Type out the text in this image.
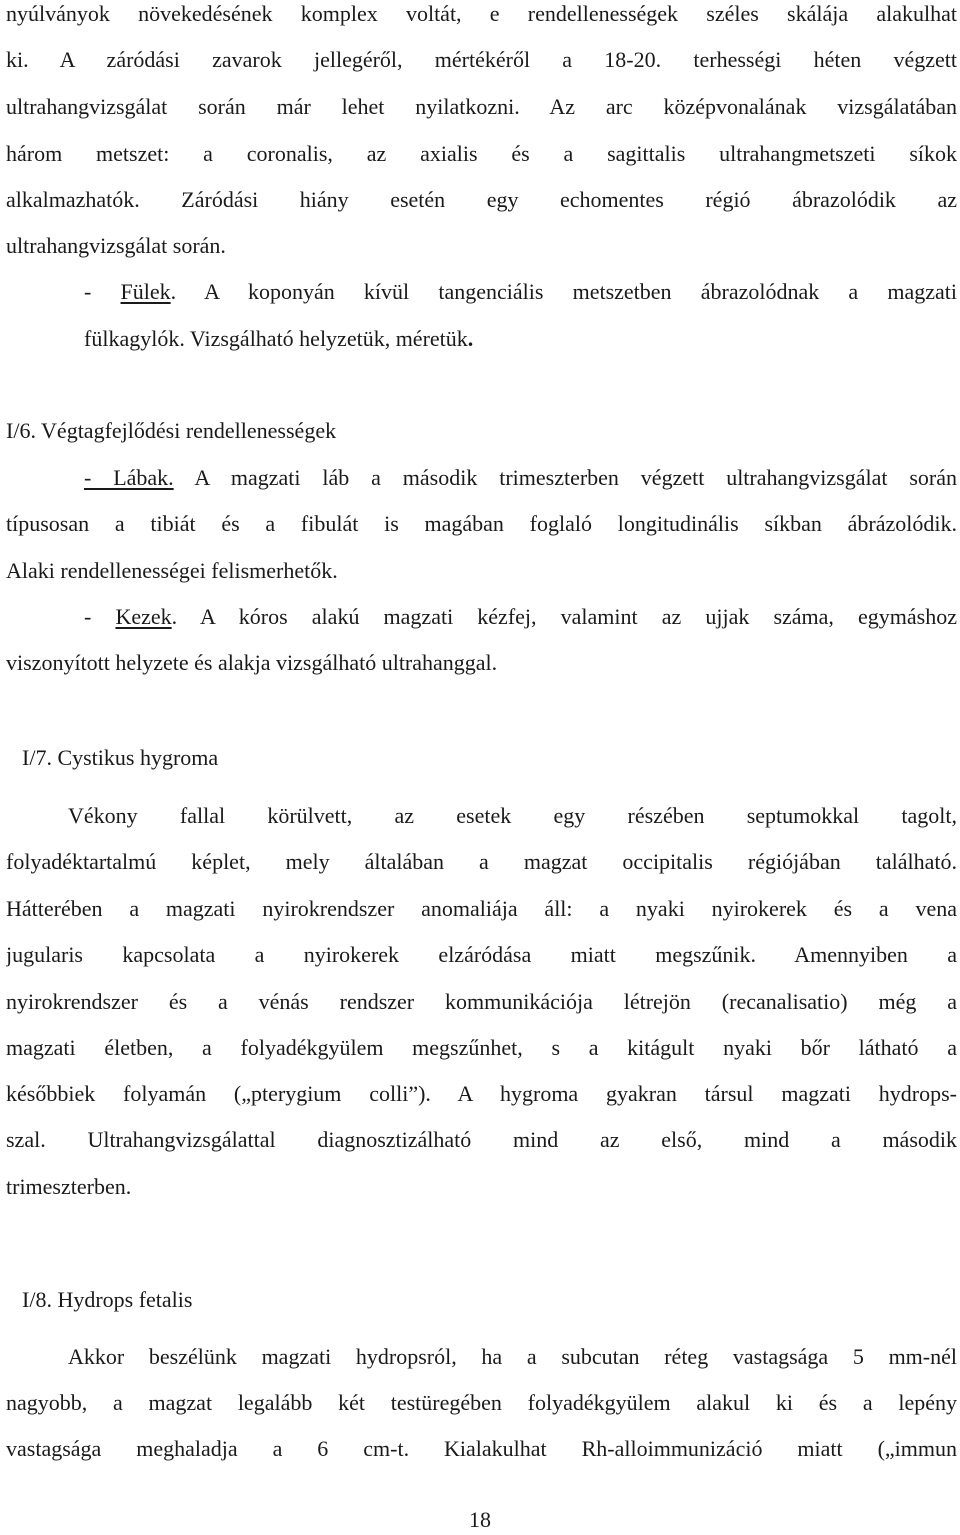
nyúlványok növekedésének komplex voltát, e rendellenességek széles skálája alakulhat
ki. A záródási zavarok jellegéről, mértékéről a 18-20. terhességi héten végzett
ultrahangvizsgálat során már lehet nyilatkozni. Az arc középvonalának vizsgálatában
három metszet: a coronalis, az axialis és a sagittalis ultrahangmetszeti síkok
alkalmazhatók. Záródási hiány esetén egy echomentes régió ábrazolódik az
ultrahangvizsgálat során.
- Fülek. A koponyán kívül tangenciális metszetben ábrazolódnak a magzati
fülkagylók. Vizsgálható helyzetük, méretük.
I/6. Végtagfejlődési rendellenességek
- Lábak. A magzati láb a második trimeszterben végzett ultrahangvizsgálat során
típusosan a tibiát és a fibulát is magában foglaló longitudinális síkban ábrázolódik.
Alaki rendellenességei felismerhetők.
- Kezek. A kóros alakú magzati kézfej, valamint az ujjak száma, egymáshoz
viszonyított helyzete és alakja vizsgálható ultrahanggal.
I/7. Cystikus hygroma
Vékony fallal körülvett, az esetek egy részében septumokkal tagolt,
folyadéktartalmú képlet, mely általában a magzat occipitalis régiójában található.
Hátterében a magzati nyirokrendszer anomaliája áll: a nyaki nyirokerek és a vena
jugularis kapcsolata a nyirokerek elzáródása miatt megszűnik. Amennyiben a
nyirokrendszer és a vénás rendszer kommunikációja létrejön (recanalisatio) még a
magzati életben, a folyadékgyülem megszűnhet, s a kitágult nyaki bőr látható a
későbbiek folyamán („pterygium colli”). A hygroma gyakran társul magzati hydrops-
szal. Ultrahangvizsgálattal diagnosztizálható mind az első, mind a második
trimeszterben.
I/8. Hydrops fetalis
Akkor beszélünk magzati hydropsról, ha a subcutan réteg vastagsága 5 mm-nél
nagyobb, a magzat legalább két testüregében folyadékgyülem alakul ki és a lepény
vastagsága meghaladja a 6 cm-t. Kialakulhat Rh-alloimmunizáció miatt („immun
18
